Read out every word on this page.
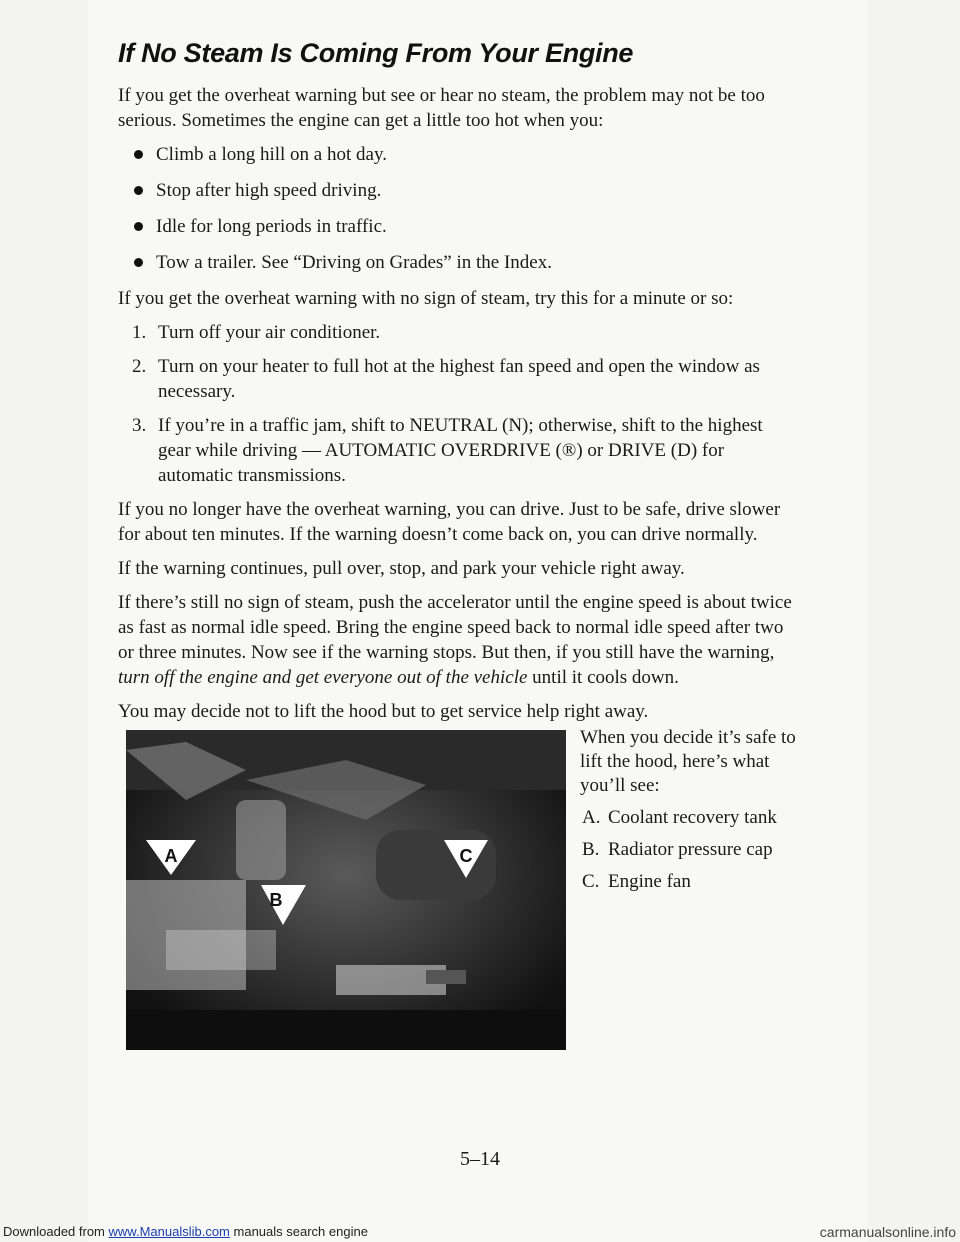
If No Steam Is Coming From Your Engine

If you get the overheat warning but see or hear no steam, the problem may not be too serious. Sometimes the engine can get a little too hot when you:

Climb a long hill on a hot day.
Stop after high speed driving.
Idle for long periods in traffic.
Tow a trailer. See “Driving on Grades” in the Index.

If you get the overheat warning with no sign of steam, try this for a minute or so:

1. Turn off your air conditioner.
2. Turn on your heater to full hot at the highest fan speed and open the window as necessary.
3. If you’re in a traffic jam, shift to NEUTRAL (N); otherwise, shift to the highest gear while driving — AUTOMATIC OVERDRIVE (®) or DRIVE (D) for automatic transmissions.

If you no longer have the overheat warning, you can drive. Just to be safe, drive slower for about ten minutes. If the warning doesn’t come back on, you can drive normally.

If the warning continues, pull over, stop, and park your vehicle right away.

If there’s still no sign of steam, push the accelerator until the engine speed is about twice as fast as normal idle speed. Bring the engine speed back to normal idle speed after two or three minutes. Now see if the warning stops. But then, if you still have the warning, turn off the engine and get everyone out of the vehicle until it cools down.

You may decide not to lift the hood but to get service help right away.

A
B
C

When you decide it’s safe to lift the hood, here’s what you’ll see:

A. Coolant recovery tank
B. Radiator pressure cap
C. Engine fan
5–14
Downloaded from www.Manualslib.com manuals search engine	carmanualsonline.info
